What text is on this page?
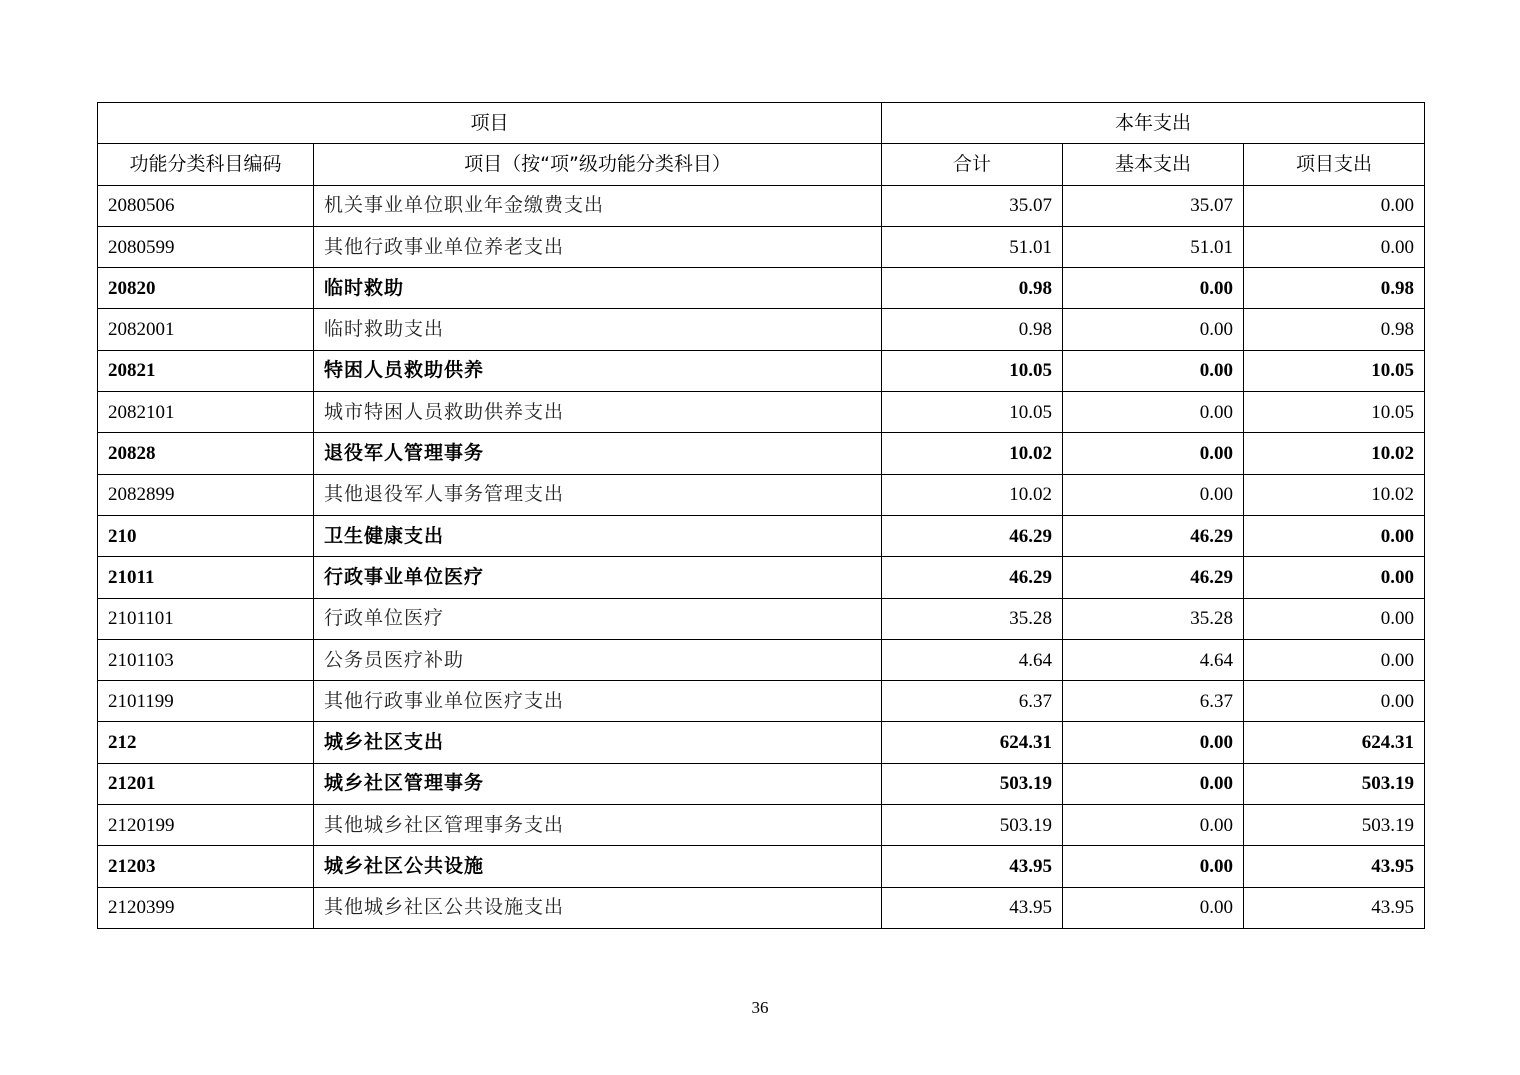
项目		本年支出		
功能分类科目编码	项目（按“项”级功能分类科目）	合计	基本支出	项目支出
2080506	机关事业单位职业年金缴费支出	35.07	35.07	0.00
2080599	其他行政事业单位养老支出	51.01	51.01	0.00
20820	临时救助	0.98	0.00	0.98
2082001	临时救助支出	0.98	0.00	0.98
20821	特困人员救助供养	10.05	0.00	10.05
2082101	城市特困人员救助供养支出	10.05	0.00	10.05
20828	退役军人管理事务	10.02	0.00	10.02
2082899	其他退役军人事务管理支出	10.02	0.00	10.02
210	卫生健康支出	46.29	46.29	0.00
21011	行政事业单位医疗	46.29	46.29	0.00
2101101	行政单位医疗	35.28	35.28	0.00
2101103	公务员医疗补助	4.64	4.64	0.00
2101199	其他行政事业单位医疗支出	6.37	6.37	0.00
212	城乡社区支出	624.31	0.00	624.31
21201	城乡社区管理事务	503.19	0.00	503.19
2120199	其他城乡社区管理事务支出	503.19	0.00	503.19
21203	城乡社区公共设施	43.95	0.00	43.95
2120399	其他城乡社区公共设施支出	43.95	0.00	43.95
36
